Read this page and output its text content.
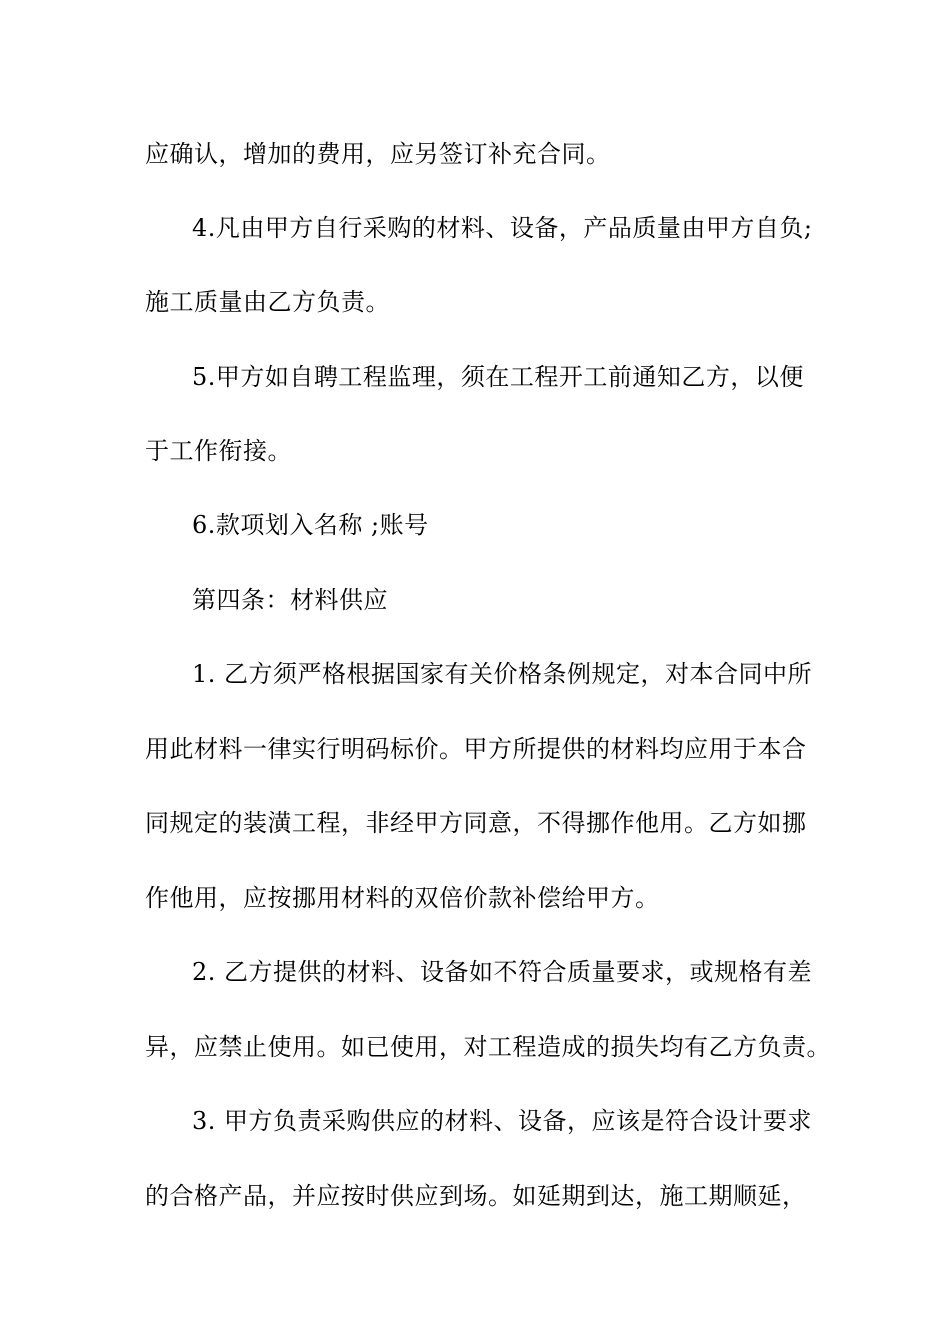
应确认，增加的费用，应另签订补充合同。
4.凡由甲方自行采购的材料、设备，产品质量由甲方自负;
施工质量由乙方负责。
5.甲方如自聘工程监理，须在工程开工前通知乙方，以便
于工作衔接。
6.款项划入名称 ;账号
第四条：材料供应
1. 乙方须严格根据国家有关价格条例规定，对本合同中所
用此材料一律实行明码标价。甲方所提供的材料均应用于本合
同规定的装潢工程，非经甲方同意，不得挪作他用。乙方如挪
作他用，应按挪用材料的双倍价款补偿给甲方。
2. 乙方提供的材料、设备如不符合质量要求，或规格有差
异，应禁止使用。如已使用，对工程造成的损失均有乙方负责。
3. 甲方负责采购供应的材料、设备，应该是符合设计要求
的合格产品，并应按时供应到场。如延期到达，施工期顺延，
